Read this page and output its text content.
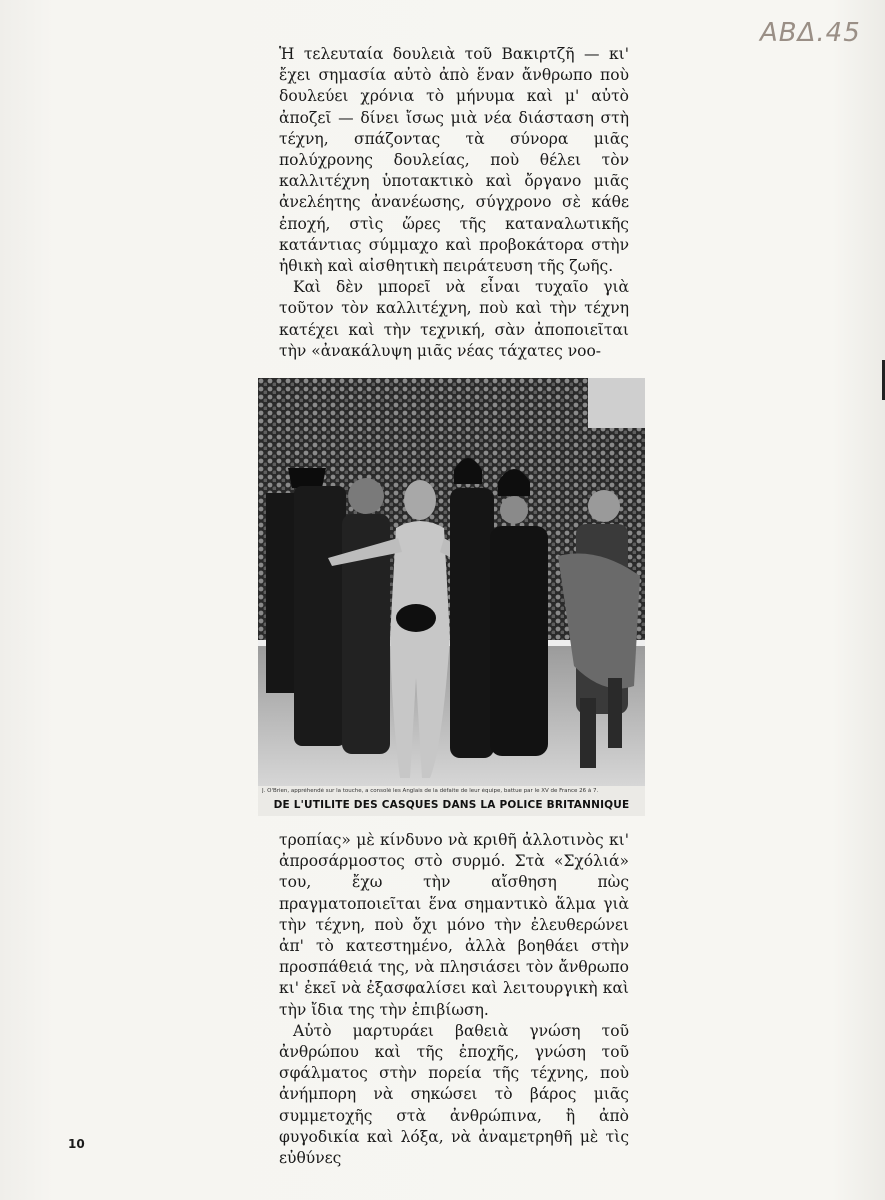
ΑΒΔ.45

Ἡ τελευταία δουλειὰ τοῦ Βακιρτζῆ — κι' ἔχει σημασία αὐτὸ ἀπὸ ἕναν ἄνθρωπο ποὺ δουλεύει χρόνια τὸ μήνυμα καὶ μ' αὐτὸ ἀποζεῖ — δίνει ἴσως μιὰ νέα διάσταση στὴ τέχνη, σπάζοντας τὰ σύνορα μιᾶς πολύχρονης δουλείας, ποὺ θέλει τὸν καλλιτέχνη ὑποτακτικὸ καὶ ὄργανο μιᾶς ἀνελέητης ἀνανέωσης, σύγχρονο σὲ κάθε ἐποχή, στὶς ὥρες τῆς καταναλωτικῆς κατάντιας σύμμαχο καὶ προβοκάτορα στὴν ἠθικὴ καὶ αἰσθητικὴ πειράτευση τῆς ζωῆς.

Καὶ δὲν μπορεῖ νὰ εἶναι τυχαῖο γιὰ τοῦτον τὸν καλλιτέχνη, ποὺ καὶ τὴν τέχνη κατέχει καὶ τὴν τεχνική, σὰν ἀποποιεῖται τὴν «ἀνακάλυψη μιᾶς νέας τάχατες νοο-

J. O'Brien, appréhendé sur la touche, a consolé les Anglais de la défaite de leur équipe, battue par le XV de France 26 à 7.
DE L'UTILITE DES CASQUES DANS LA POLICE BRITANNIQUE

τροπίας» μὲ κίνδυνο νὰ κριθῆ ἀλλοτινὸς κι' ἀπροσάρμοστος στὸ συρμό. Στὰ «Σχόλιά» του, ἔχω τὴν αἴσθηση πὼς πραγματοποιεῖται ἕνα σημαντικὸ ἅλμα γιὰ τὴν τέχνη, ποὺ ὄχι μόνο τὴν ἐλευθερώνει ἀπ' τὸ κατεστημένο, ἀλλὰ βοηθάει στὴν προσπάθειά της, νὰ πλησιάσει τὸν ἄνθρωπο κι' ἐκεῖ νὰ ἐξασφαλίσει καὶ λειτουργικὴ καὶ τὴν ἴδια της τὴν ἐπιβίωση.

Αὐτὸ μαρτυράει βαθειὰ γνώση τοῦ ἀνθρώπου καὶ τῆς ἐποχῆς, γνώση τοῦ σφάλματος στὴν πορεία τῆς τέχνης, ποὺ ἀνήμπορη νὰ σηκώσει τὸ βάρος μιᾶς συμμετοχῆς στὰ ἀνθρώπινα, ἢ ἀπὸ φυγοδικία καὶ λόξα, νὰ ἀναμετρηθῆ μὲ τὶς εὐθύνες

10
